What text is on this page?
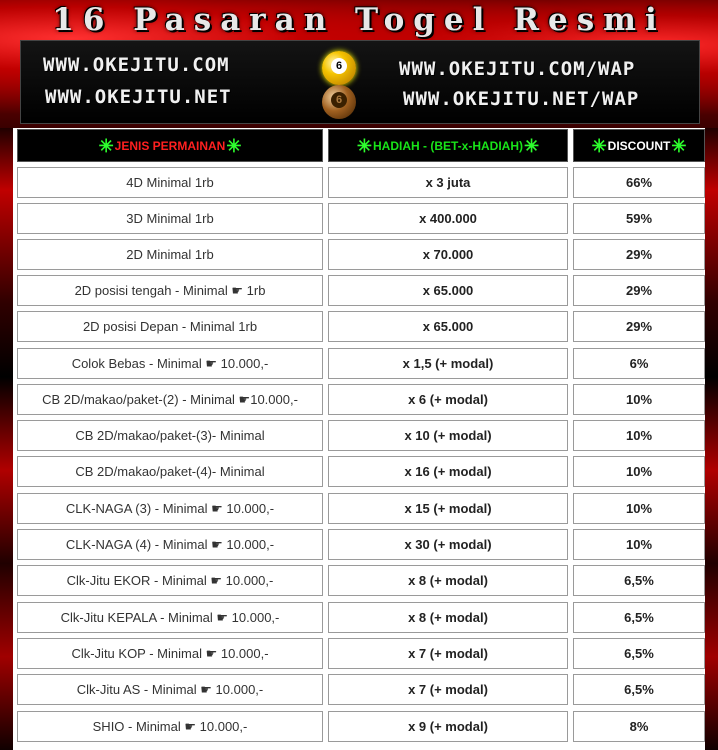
16 Pasaran Togel Resmi
WWW.OKEJITU.COM
WWW.OKEJITU.NET
6
6
WWW.OKEJITU.COM/WAP
WWW.OKEJITU.NET/WAP
✳ JENIS PERMAINAN ✳	✳ HADIAH - (BET-x-HADIAH) ✳	✳ DISCOUNT ✳
4D Minimal 1rb	x 3 juta	66%
3D Minimal 1rb	x 400.000	59%
2D Minimal 1rb	x 70.000	29%
2D posisi tengah - Minimal ☛ 1rb	x 65.000	29%
2D posisi Depan - Minimal 1rb	x 65.000	29%
Colok Bebas - Minimal ☛ 10.000,-	x 1,5 (+ modal)	6%
CB 2D/makao/paket-(2) - Minimal ☛10.000,-	x 6 (+ modal)	10%
CB 2D/makao/paket-(3)- Minimal	x 10 (+ modal)	10%
CB 2D/makao/paket-(4)- Minimal	x 16 (+ modal)	10%
CLK-NAGA (3) - Minimal ☛ 10.000,-	x 15 (+ modal)	10%
CLK-NAGA (4) - Minimal ☛ 10.000,-	x 30 (+ modal)	10%
Clk-Jitu EKOR - Minimal ☛ 10.000,-	x 8 (+ modal)	6,5%
Clk-Jitu KEPALA - Minimal ☛ 10.000,-	x 8 (+ modal)	6,5%
Clk-Jitu KOP - Minimal ☛ 10.000,-	x 7 (+ modal)	6,5%
Clk-Jitu AS - Minimal ☛ 10.000,-	x 7 (+ modal)	6,5%
SHIO - Minimal ☛ 10.000,-	x 9 (+ modal)	8%
